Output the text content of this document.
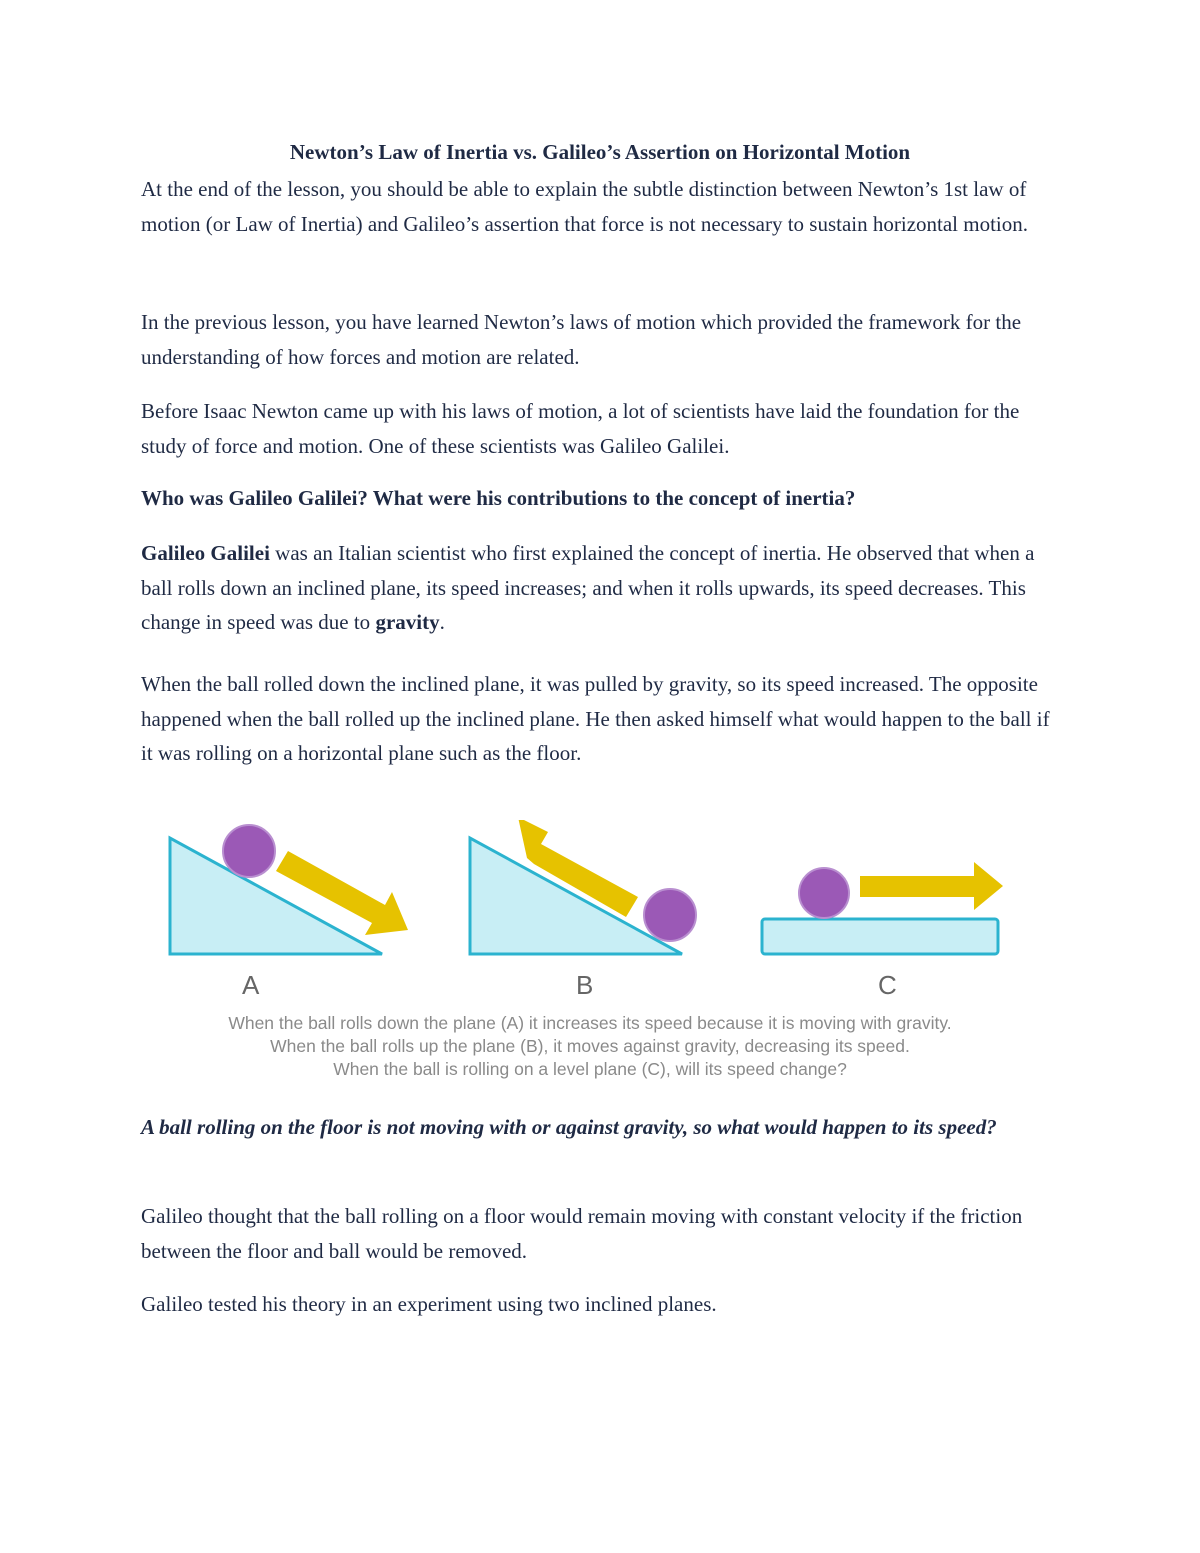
Newton’s Law of Inertia vs. Galileo’s Assertion on Horizontal Motion

At the end of the lesson, you should be able to explain the subtle distinction between Newton’s 1st law of motion (or Law of Inertia) and Galileo’s assertion that force is not necessary to sustain horizontal motion.

In the previous lesson, you have learned Newton’s laws of motion which provided the framework for the understanding of how forces and motion are related.

Before Isaac Newton came up with his laws of motion, a lot of scientists have laid the foundation for the study of force and motion. One of these scientists was Galileo Galilei.

Who was Galileo Galilei? What were his contributions to the concept of inertia?

Galileo Galilei was an Italian scientist who first explained the concept of inertia. He observed that when a ball rolls down an inclined plane, its speed increases; and when it rolls upwards, its speed decreases. This change in speed was due to gravity.

When the ball rolled down the inclined plane, it was pulled by gravity, so its speed increased. The opposite happened when the ball rolled up the inclined plane. He then asked himself what would happen to the ball if it was rolling on a horizontal plane such as the floor.

A	B	C
When the ball rolls down the plane (A) it increases its speed because it is moving with gravity.
When the ball rolls up the plane (B), it moves against gravity, decreasing its speed.
When the ball is rolling on a level plane (C), will its speed change?

A ball rolling on the floor is not moving with or against gravity, so what would happen to its speed?

Galileo thought that the ball rolling on a floor would remain moving with constant velocity if the friction between the floor and ball would be removed.

Galileo tested his theory in an experiment using two inclined planes.
